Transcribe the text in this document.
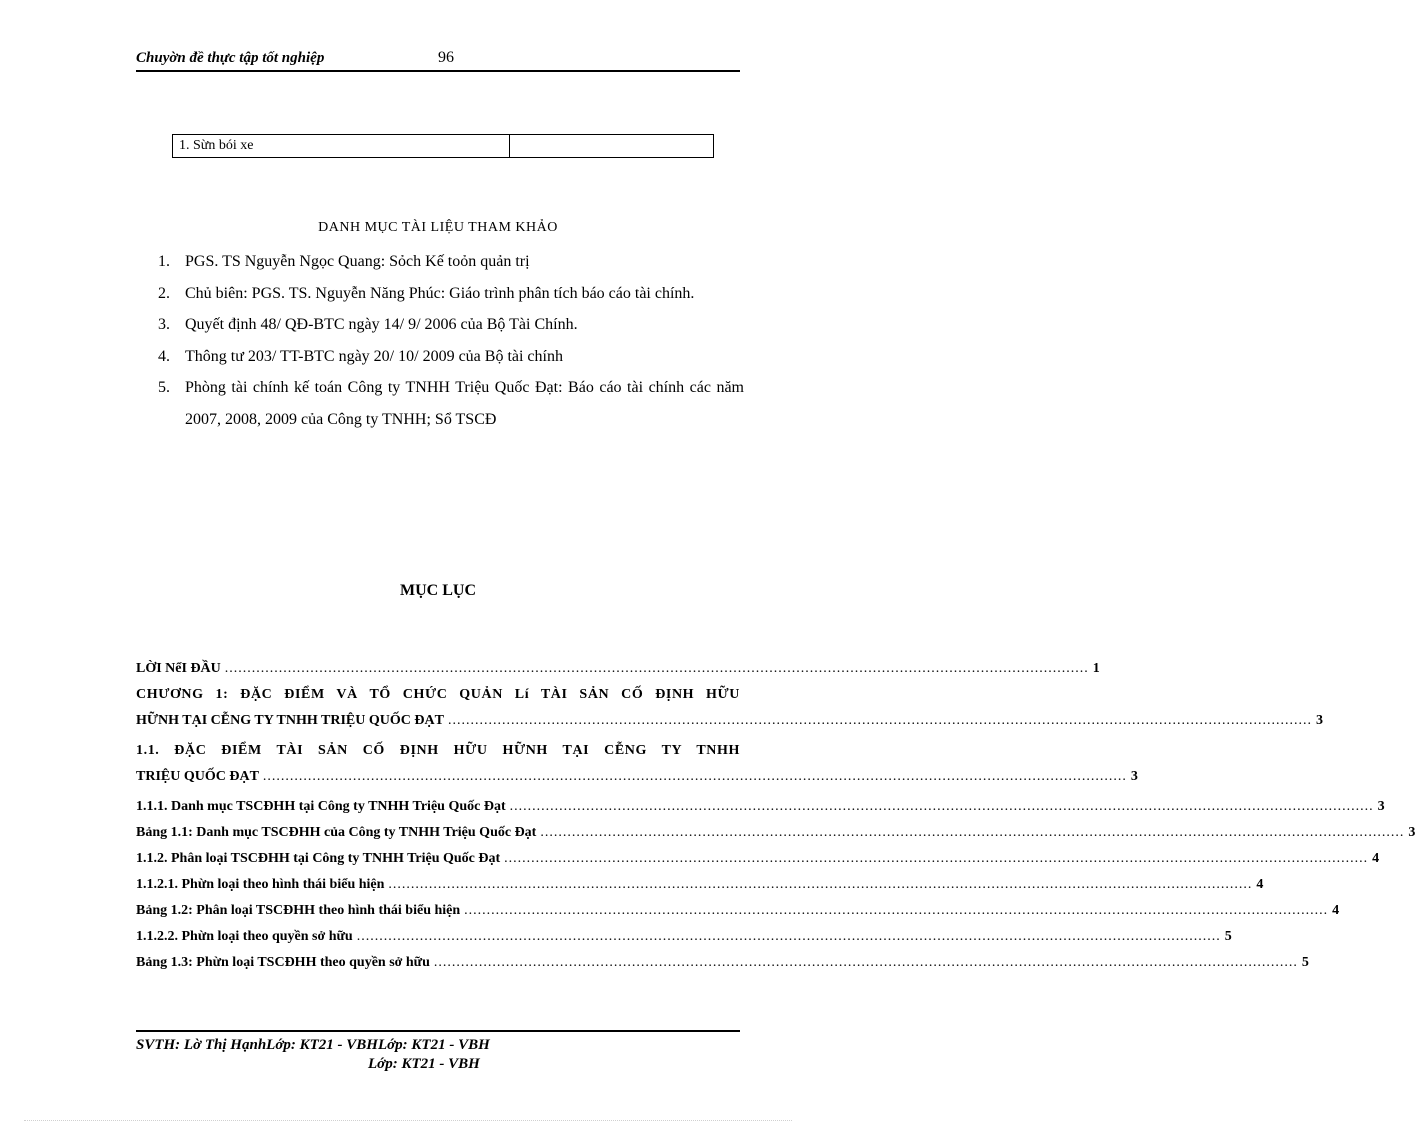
Chuyờn đề thực tập tốt nghiệp	96
1. Sừn bói xe	
DANH MỤC TÀI LIỆU THAM KHẢO
1. PGS. TS Nguyễn Ngọc Quang: Sỏch Kế toỏn quản trị
2. Chủ biên: PGS. TS. Nguyễn Năng Phúc: Giáo trình phân tích báo cáo tài chính.
3. Quyết định 48/ QĐ-BTC ngày 14/ 9/ 2006 của Bộ Tài Chính.
4. Thông tư 203/ TT-BTC ngày 20/ 10/ 2009 của Bộ tài chính
5. Phòng tài chính kế toán Công ty TNHH Triệu Quốc Đạt: Báo cáo tài chính các năm 2007, 2008, 2009 của Công ty TNHH; Sổ TSCĐ
MỤC LỤC
LỜI NểI ĐẦU ................................................................................................................................................................................................ 1
CHƯƠNG 1: ĐẶC ĐIỂM VÀ TỔ CHỨC QUẢN Lí TÀI SẢN CỐ ĐỊNH HỮU
HỮNH TẠI CỄNG TY TNHH TRIỆU QUỐC ĐẠT ................................................................................................................................................................................................ 3
1.1. ĐẶC ĐIỂM TÀI SẢN CỐ ĐỊNH HỮU HỮNH TẠI CỄNG TY TNHH
TRIỆU QUỐC ĐẠT ................................................................................................................................................................................................ 3
1.1.1. Danh mục TSCĐHH tại Công ty TNHH Triệu Quốc Đạt ................................................................................................................................................................................................ 3
Bảng 1.1: Danh mục TSCĐHH của Công ty TNHH Triệu Quốc Đạt ................................................................................................................................................................................................ 3
1.1.2. Phân loại TSCĐHH tại Công ty TNHH Triệu Quốc Đạt ................................................................................................................................................................................................ 4
1.1.2.1. Phừn loại theo hình thái biểu hiện ................................................................................................................................................................................................ 4
Bảng 1.2: Phân loại TSCĐHH theo hình thái biểu hiện ................................................................................................................................................................................................ 4
1.1.2.2. Phừn loại theo quyền sở hữu ................................................................................................................................................................................................ 5
Bảng 1.3: Phừn loại TSCĐHH theo quyền sở hữu ................................................................................................................................................................................................ 5
SVTH: Lờ Thị HạnhLớp: KT21 - VBHLớp: KT21 - VBH
Lớp: KT21 - VBH
